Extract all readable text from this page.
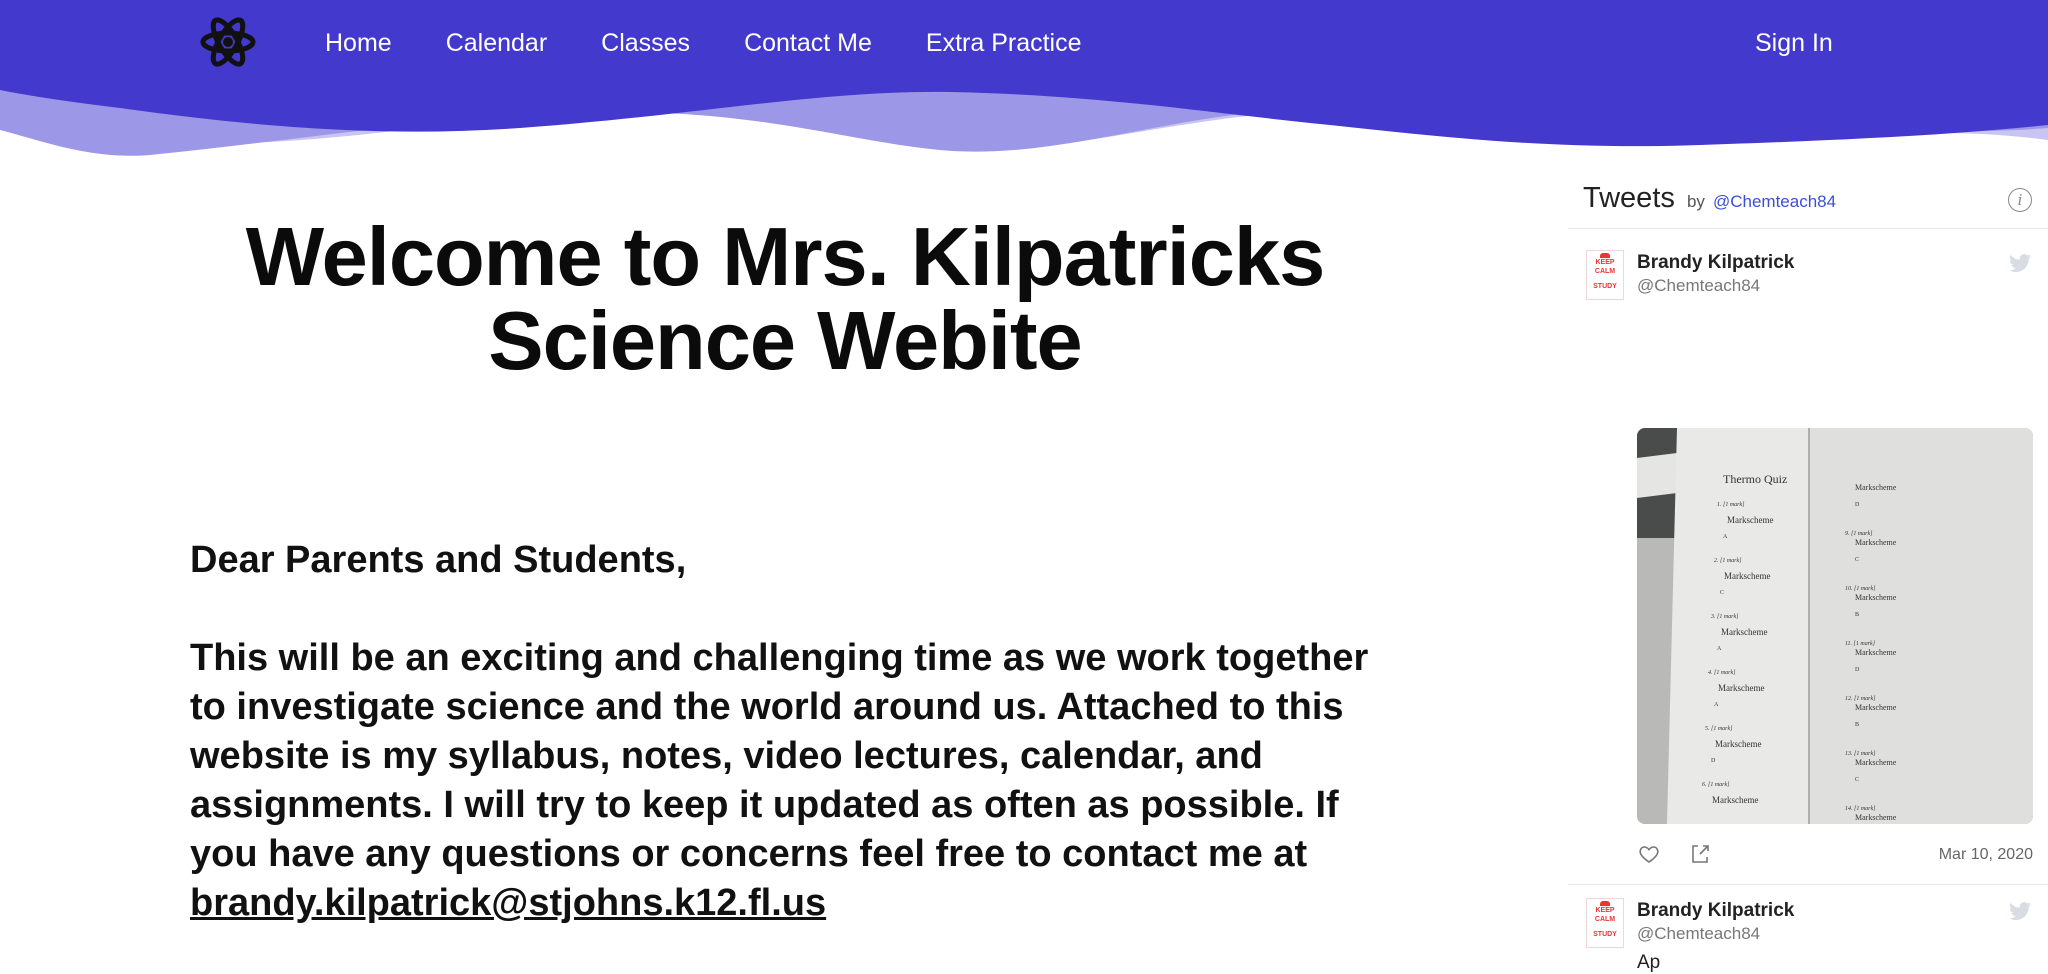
Home Calendar Classes Contact Me Extra Practice	Sign In
Welcome to Mrs. Kilpatricks Science Webite

Dear Parents and Students,

This will be an exciting and challenging time as we work together to investigate science and the world around us. Attached to this website is my syllabus, notes, video lectures, calendar, and assignments. I will try to keep it updated as often as possible. If you have any questions or concerns feel free to contact me at brandy.kilpatrick@stjohns.k12.fl.us

Tweets by @Chemteach84	i
KEEP
CALM
STUDY
Brandy Kilpatrick
@Chemteach84
Thermo Quiz
1. [1 mark]
Markscheme
A
2. [1 mark]
Markscheme
C
3. [1 mark]
Markscheme
A
4. [1 mark]
Markscheme
A
5. [1 mark]
Markscheme
D
6. [1 mark]
Markscheme
Markscheme
D
9. [1 mark]
Markscheme
C
10. [1 mark]
Markscheme
B
11. [1 mark]
Markscheme
D
12. [1 mark]
Markscheme
B
13. [1 mark]
Markscheme
C
14. [1 mark]
Markscheme
Mar 10, 2020
KEEP
CALM
STUDY
Brandy Kilpatrick
@Chemteach84
Ap
